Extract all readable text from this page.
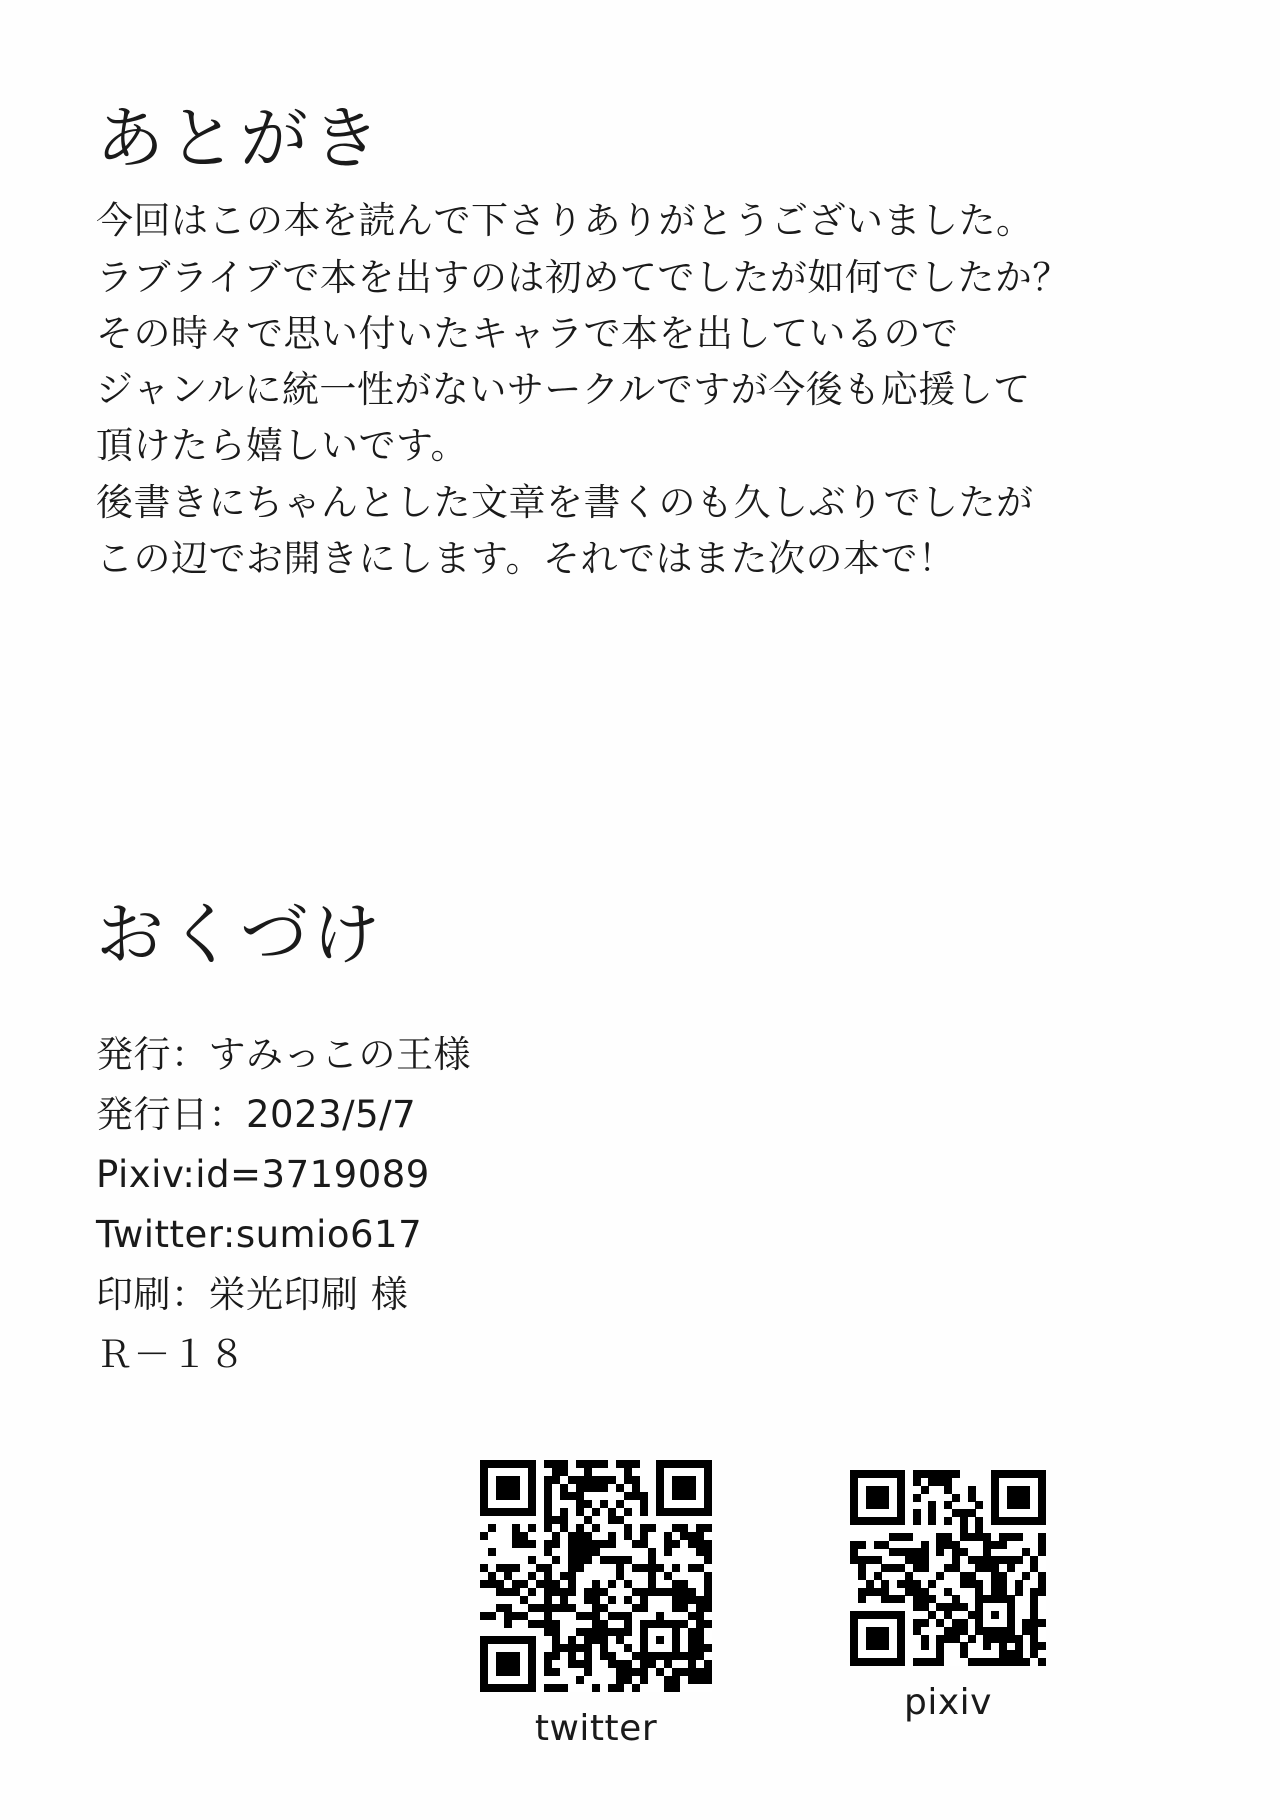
あとがき
今回はこの本を読んで下さりありがとうございました。
ラブライブで本を出すのは初めてでしたが如何でしたか？
その時々で思い付いたキャラで本を出しているので
ジャンルに統一性がないサークルですが今後も応援して
頂けたら嬉しいです。
後書きにちゃんとした文章を書くのも久しぶりでしたが
この辺でお開きにします。それではまた次の本で！
おくづけ
発行：すみっこの王様
発行日：2023/5/7
Pixiv:id=3719089
Twitter:sumio617
印刷：栄光印刷 様
Ｒ－１８
twitter
pixiv
